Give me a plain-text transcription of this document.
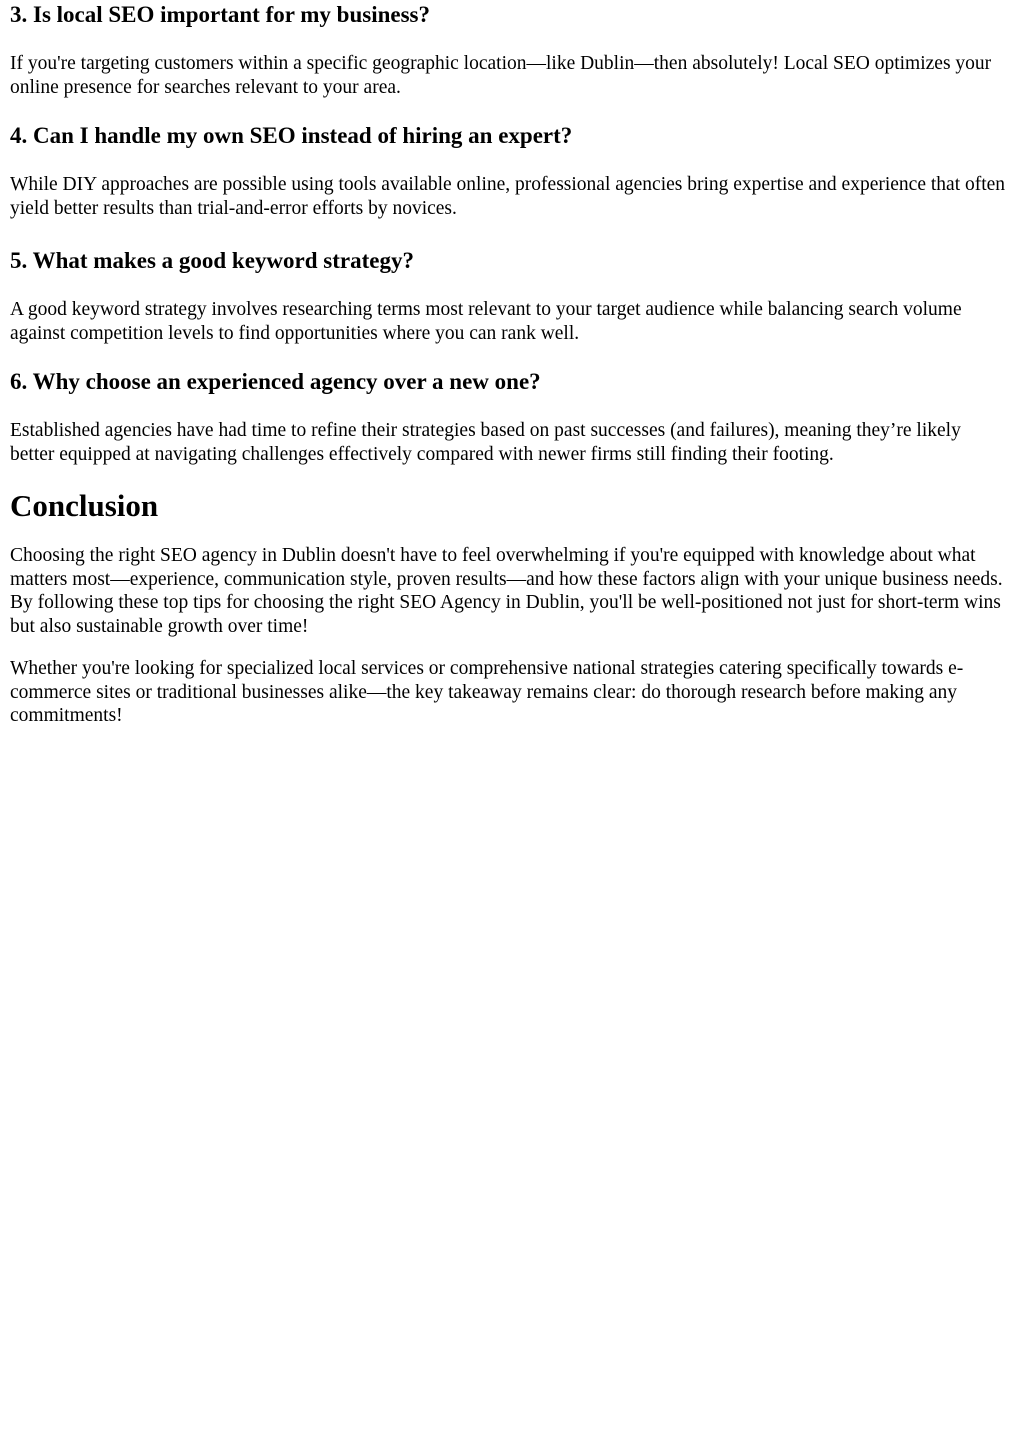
3. Is local SEO important for my business?

If you're targeting customers within a specific geographic location—like Dublin—then absolutely! Local SEO optimizes your online presence for searches relevant to your area.

4. Can I handle my own SEO instead of hiring an expert?

While DIY approaches are possible using tools available online, professional agencies bring expertise and experience that often yield better results than trial-and-error efforts by novices.

5. What makes a good keyword strategy?

A good keyword strategy involves researching terms most relevant to your target audience while balancing search volume against competition levels to find opportunities where you can rank well.

6. Why choose an experienced agency over a new one?

Established agencies have had time to refine their strategies based on past successes (and failures), meaning they’re likely better equipped at navigating challenges effectively compared with newer firms still finding their footing.

Conclusion

Choosing the right SEO agency in Dublin doesn't have to feel overwhelming if you're equipped with knowledge about what matters most—experience, communication style, proven results—and how these factors align with your unique business needs. By following these top tips for choosing the right SEO Agency in Dublin, you'll be well-positioned not just for short-term wins but also sustainable growth over time!

Whether you're looking for specialized local services or comprehensive national strategies catering specifically towards e-commerce sites or traditional businesses alike—the key takeaway remains clear: do thorough research before making any commitments!
